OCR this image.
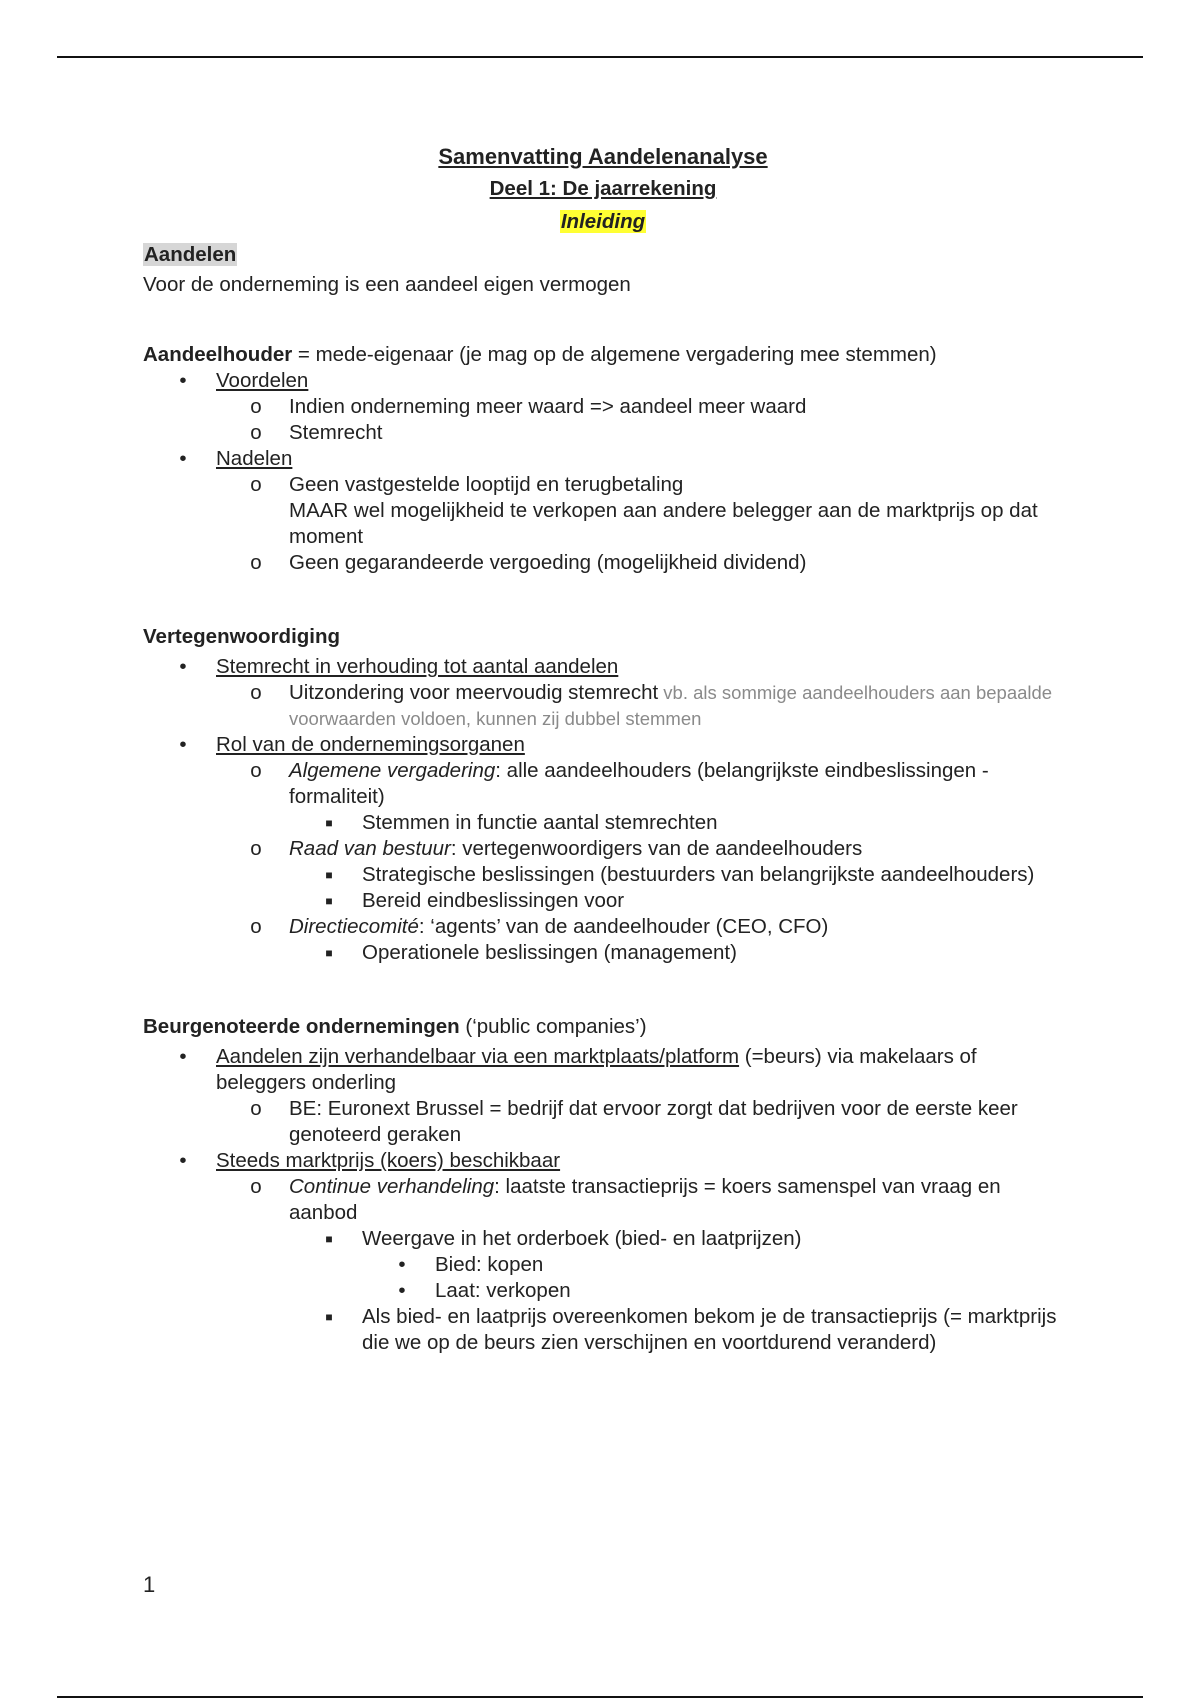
Samenvatting Aandelenanalyse

Deel 1: De jaarrekening

Inleiding

Aandelen

Voor de onderneming is een aandeel eigen vermogen

Aandeelhouder = mede-eigenaar (je mag op de algemene vergadering mee stemmen)

•	Voordelen
o Indien onderneming meer waard => aandeel meer waard
o Stemrecht
•	Nadelen
o Geen vastgestelde looptijd en terugbetaling
MAAR wel mogelijkheid te verkopen aan andere belegger aan de marktprijs op dat moment
o Geen gegarandeerde vergoeding (mogelijkheid dividend)

Vertegenwoordiging

•	Stemrecht in verhouding tot aantal aandelen
o Uitzondering voor meervoudig stemrecht vb. als sommige aandeelhouders aan bepaalde voorwaarden voldoen, kunnen zij dubbel stemmen
•	Rol van de ondernemingsorganen
o Algemene vergadering: alle aandeelhouders (belangrijkste eindbeslissingen - formaliteit)
■	Stemmen in functie aantal stemrechten
o Raad van bestuur: vertegenwoordigers van de aandeelhouders
■	Strategische beslissingen (bestuurders van belangrijkste aandeelhouders)
■	Bereid eindbeslissingen voor
o Directiecomité: ‘agents’ van de aandeelhouder (CEO, CFO)
■	Operationele beslissingen (management)

Beurgenoteerde ondernemingen (‘public companies’)

•	Aandelen zijn verhandelbaar via een marktplaats/platform (=beurs) via makelaars of beleggers onderling
o BE: Euronext Brussel = bedrijf dat ervoor zorgt dat bedrijven voor de eerste keer genoteerd geraken
•	Steeds marktprijs (koers) beschikbaar
o Continue verhandeling: laatste transactieprijs = koers samenspel van vraag en aanbod
■	Weergave in het orderboek (bied- en laatprijzen)
•	Bied: kopen
•	Laat: verkopen
■	Als bied- en laatprijs overeenkomen bekom je de transactieprijs (= marktprijs die we op de beurs zien verschijnen en voortdurend veranderd)
1
